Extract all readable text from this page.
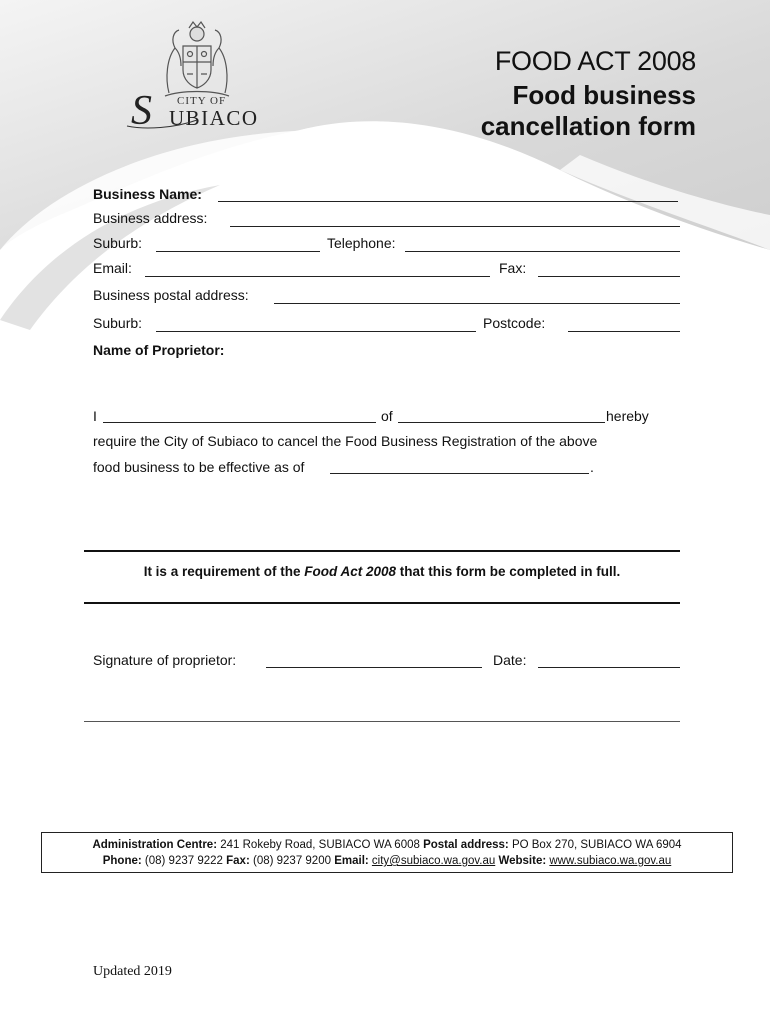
CITY OF
S UBIACO
FOOD ACT 2008
Food business
cancellation form
Business Name:
Business address:
Suburb:	Telephone:
Email:	Fax:
Business postal address:
Suburb:	Postcode:
Name of Proprietor:
I	of	hereby
require the City of Subiaco to cancel the Food Business Registration of the above
food business to be effective as of	.
It is a requirement of the Food Act 2008 that this form be completed in full.
Signature of proprietor:	Date:
Administration Centre: 241 Rokeby Road, SUBIACO WA 6008 Postal address: PO Box 270, SUBIACO WA 6904
Phone: (08) 9237 9222 Fax: (08) 9237 9200 Email: city@subiaco.wa.gov.au Website: www.subiaco.wa.gov.au
Updated 2019
